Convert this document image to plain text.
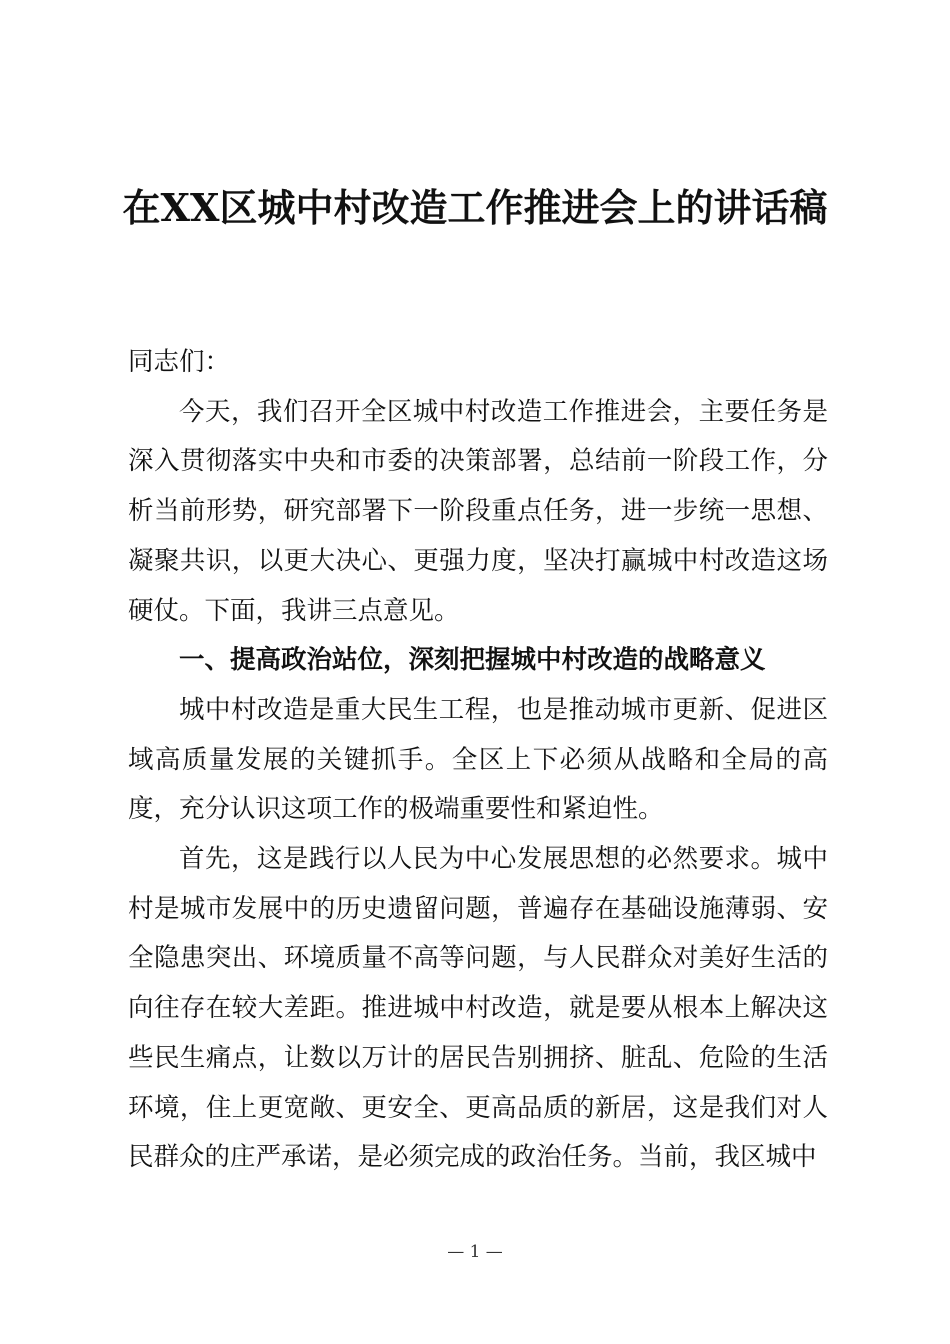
在XX区城中村改造工作推进会上的讲话稿

同志们：

今天，我们召开全区城中村改造工作推进会，主要任务是深入贯彻落实中央和市委的决策部署，总结前一阶段工作，分析当前形势，研究部署下一阶段重点任务，进一步统一思想、凝聚共识，以更大决心、更强力度，坚决打赢城中村改造这场硬仗。下面，我讲三点意见。

一、提高政治站位，深刻把握城中村改造的战略意义

城中村改造是重大民生工程，也是推动城市更新、促进区域高质量发展的关键抓手。全区上下必须从战略和全局的高度，充分认识这项工作的极端重要性和紧迫性。

首先，这是践行以人民为中心发展思想的必然要求。城中村是城市发展中的历史遗留问题，普遍存在基础设施薄弱、安全隐患突出、环境质量不高等问题，与人民群众对美好生活的向往存在较大差距。推进城中村改造，就是要从根本上解决这些民生痛点，让数以万计的居民告别拥挤、脏乱、危险的生活环境，住上更宽敞、更安全、更高品质的新居，这是我们对人民群众的庄严承诺，是必须完成的政治任务。当前，我区城中

— 1 —
